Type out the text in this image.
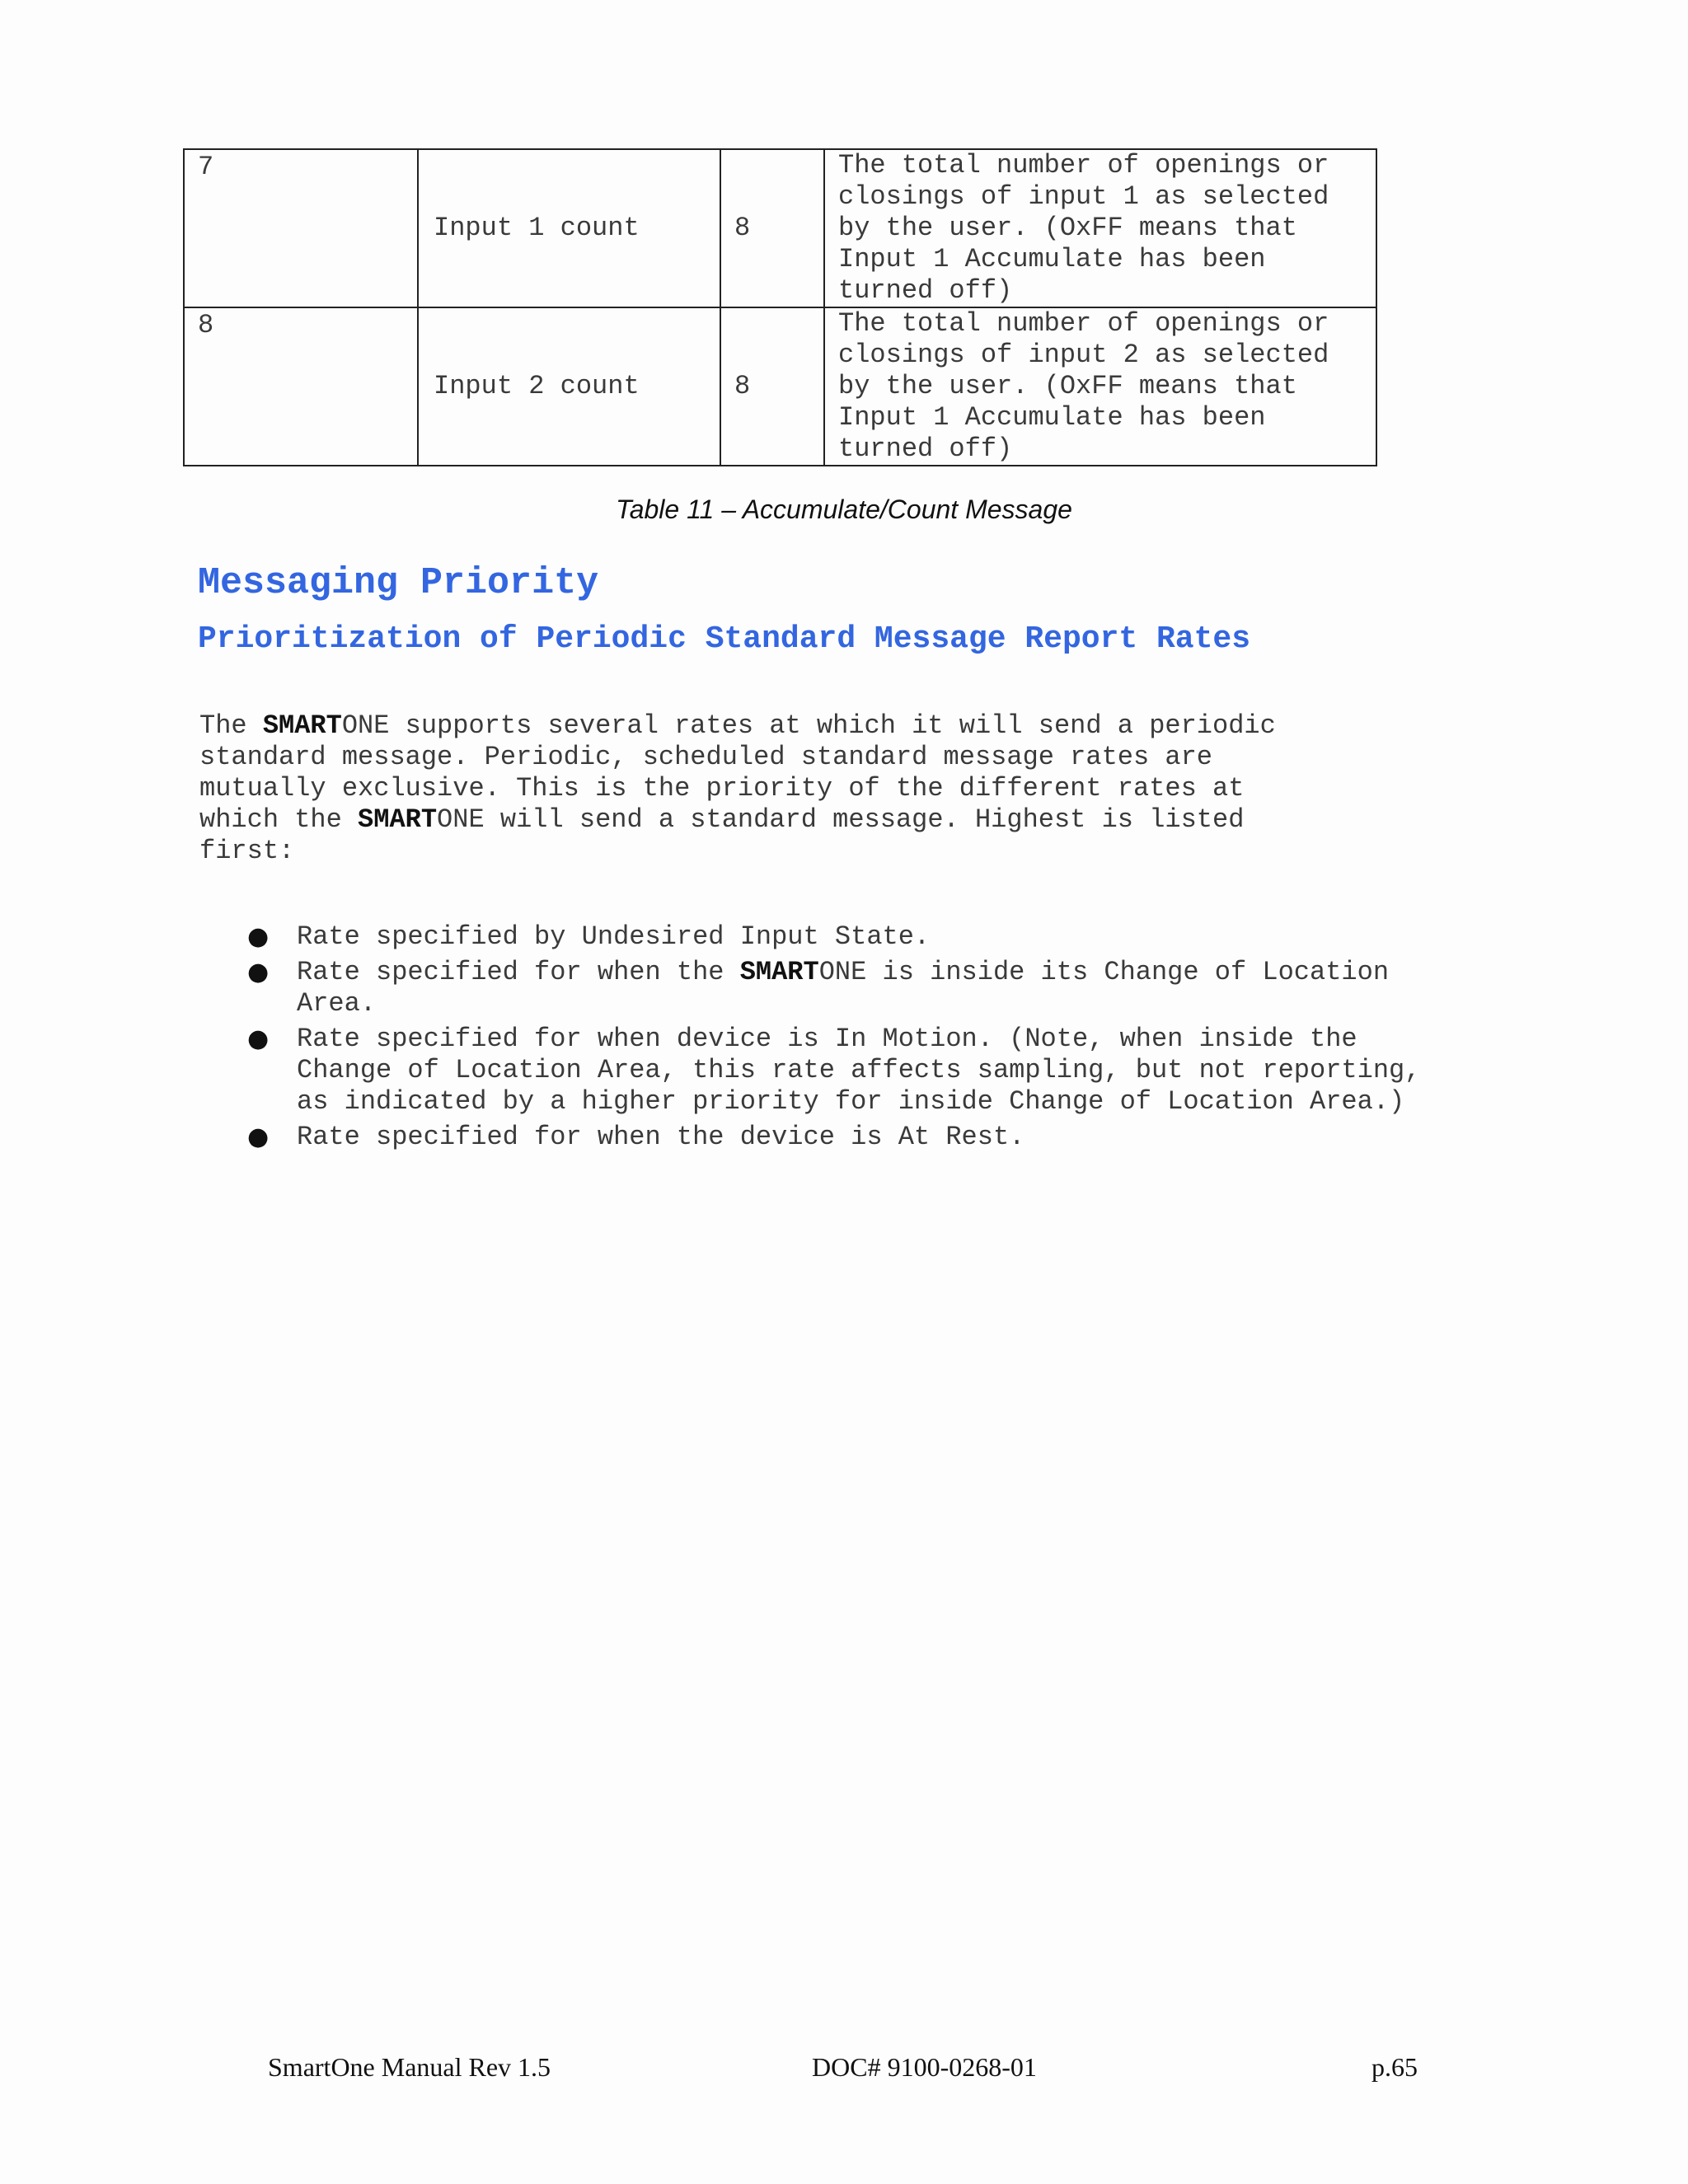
7	Input 1 count	8	The total number of openings or
closings of input 1 as selected
by the user. (OxFF means that
Input 1 Accumulate has been
turned off)

8	Input 2 count	8	The total number of openings or
closings of input 2 as selected
by the user. (OxFF means that
Input 1 Accumulate has been
turned off)
Table 11 – Accumulate/Count Message
Messaging Priority
Prioritization of Periodic Standard Message Report Rates
The SMARTONE supports several rates at which it will send a periodic
standard message. Periodic, scheduled standard message rates are
mutually exclusive. This is the priority of the different rates at
which the SMARTONE will send a standard message. Highest is listed
first:
● Rate specified by Undesired Input State.
● Rate specified for when the SMARTONE is inside its Change of Location
Area.
● Rate specified for when device is In Motion. (Note, when inside the
Change of Location Area, this rate affects sampling, but not reporting,
as indicated by a higher priority for inside Change of Location Area.)
● Rate specified for when the device is At Rest.
SmartOne Manual Rev 1.5	DOC# 9100-0268-01	p.65
